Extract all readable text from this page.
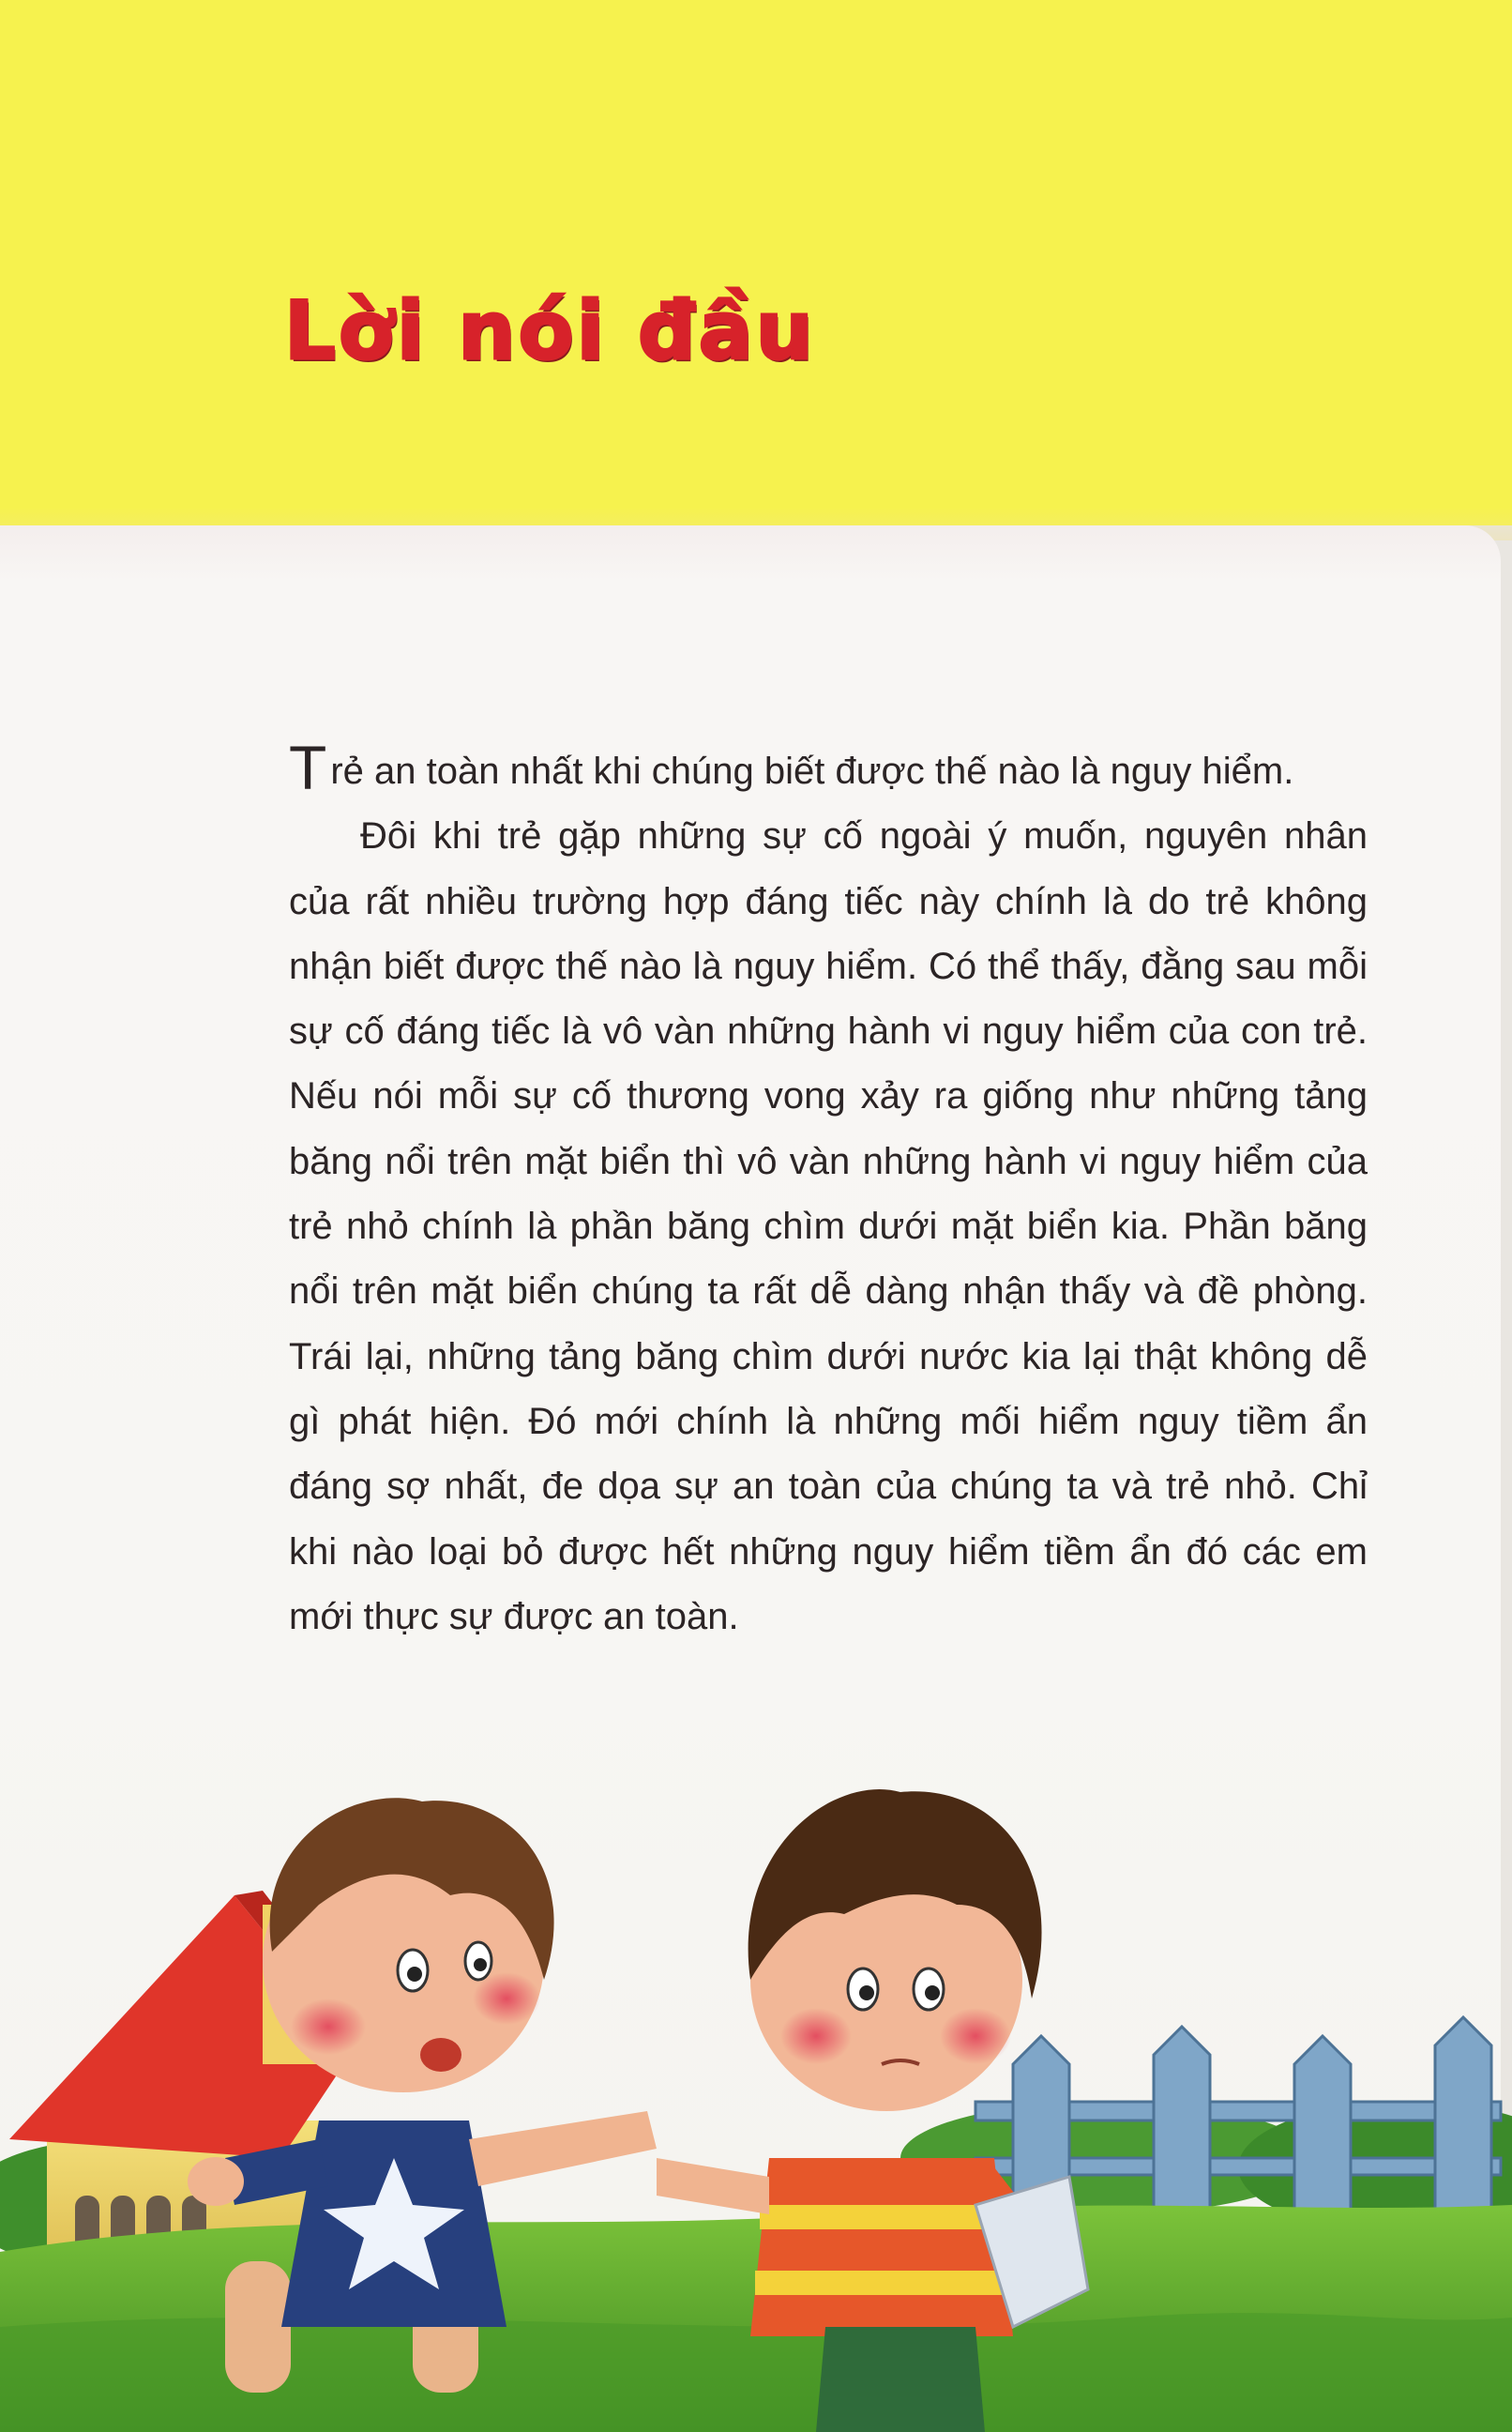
Lời nói đầu

Trẻ an toàn nhất khi chúng biết được thế nào là nguy hiểm.

Đôi khi trẻ gặp những sự cố ngoài ý muốn, nguyên nhân của rất nhiều trường hợp đáng tiếc này chính là do trẻ không nhận biết được thế nào là nguy hiểm. Có thể thấy, đằng sau mỗi sự cố đáng tiếc là vô vàn những hành vi nguy hiểm của con trẻ. Nếu nói mỗi sự cố thương vong xảy ra giống như những tảng băng nổi trên mặt biển thì vô vàn những hành vi nguy hiểm của trẻ nhỏ chính là phần băng chìm dưới mặt biển kia. Phần băng nổi trên mặt biển chúng ta rất dễ dàng nhận thấy và đề phòng. Trái lại, những tảng băng chìm dưới nước kia lại thật không dễ gì phát hiện. Đó mới chính là những mối hiểm nguy tiềm ẩn đáng sợ nhất, đe dọa sự an toàn của chúng ta và trẻ nhỏ. Chỉ khi nào loại bỏ được hết những nguy hiểm tiềm ẩn đó các em mới thực sự được an toàn.
